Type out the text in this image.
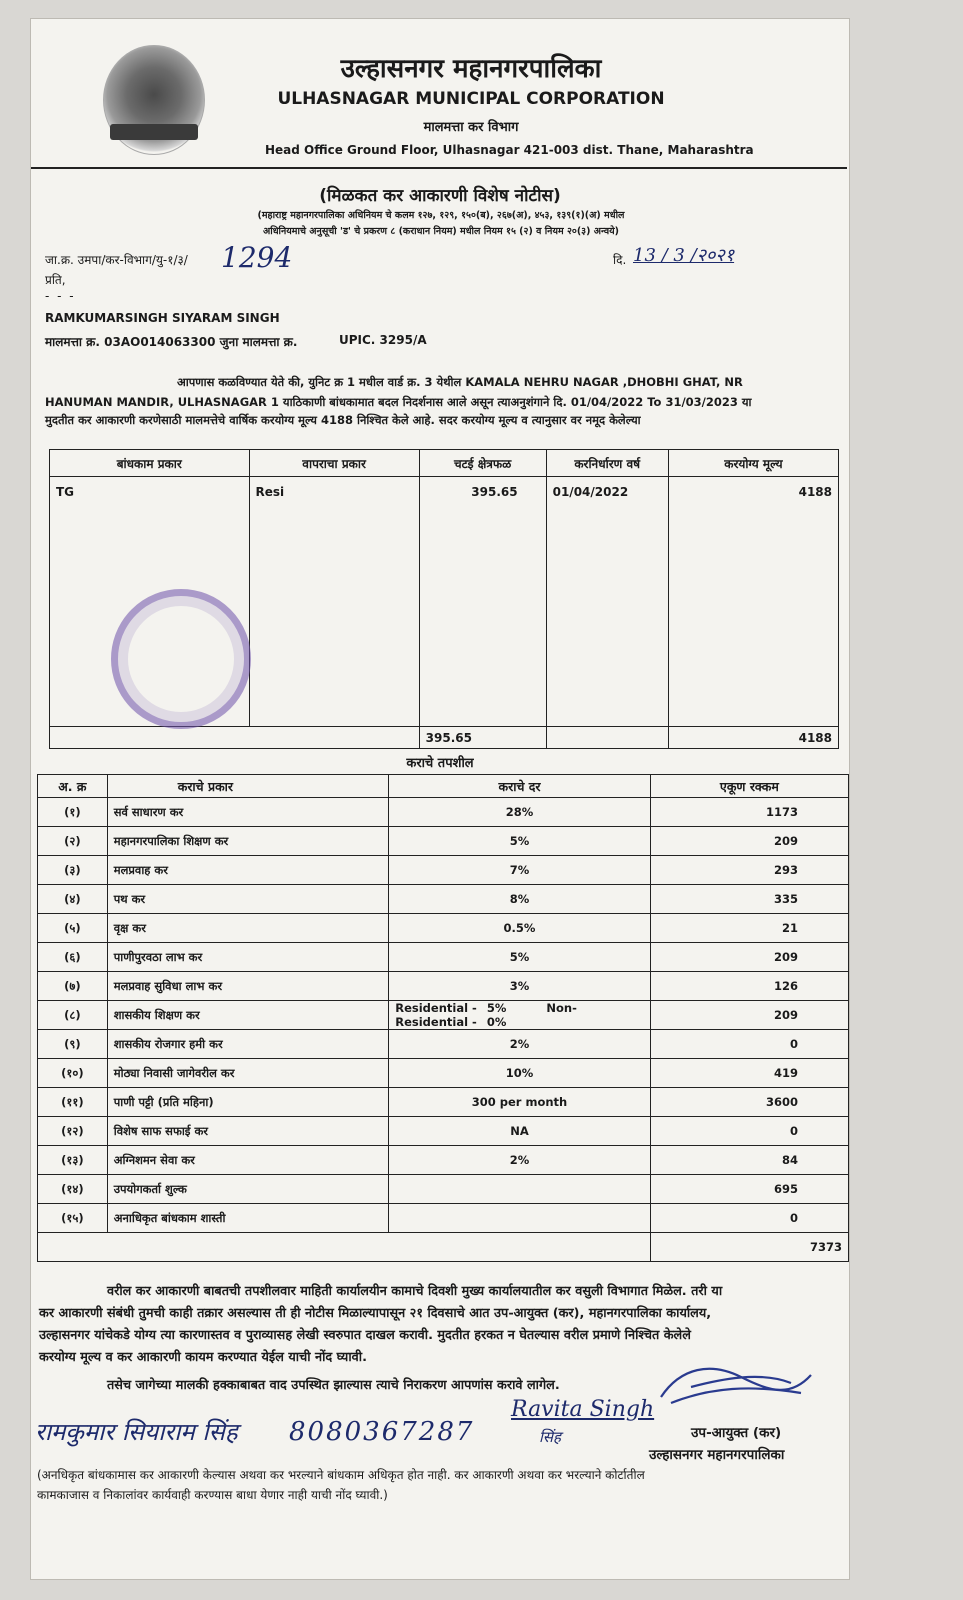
उल्हासनगर महानगरपालिका
ULHASNAGAR MUNICIPAL CORPORATION
मालमत्ता कर विभाग
Head Office Ground Floor, Ulhasnagar 421-003 dist. Thane, Maharashtra
(मिळकत कर आकारणी विशेष नोटीस)
(महाराष्ट्र महानगरपालिका अधिनियम चे कलम १२७, १२९, १५०(ब), २६७(अ), ४५३, १३९(१)(अ) मधील
अधिनियमाचे अनुसूची 'ड' चे प्रकरण ८ (कराधान नियम) मधील नियम १५ (२) व नियम २०(३) अन्वये)
जा.क्र. उमपा/कर-विभाग/यु-१/३/ 1294
प्रति,
- - -
दि. 13 / 3 /२०२१
RAMKUMARSINGH SIYARAM SINGH
मालमत्ता क्र. 03AO014063300 जुना मालमत्ता क्र.	UPIC. 3295/A
आपणास कळविण्यात येते की, युनिट क्र 1 मधील वार्ड क्र. 3 येथील KAMALA NEHRU NAGAR ,DHOBHI GHAT, NR
HANUMAN MANDIR, ULHASNAGAR 1 याठिकाणी बांधकामात बदल निदर्शनास आले असून त्याअनुशंगाने दि. 01/04/2022 To 31/03/2023 या
मुदतीत कर आकारणी करणेसाठी मालमत्तेचे वार्षिक करयोग्य मूल्य 4188 निश्चित केले आहे. सदर करयोग्य मूल्य व त्यानुसार वर नमूद केलेल्या
बांधकाम प्रकार	वापराचा प्रकार	चटई क्षेत्रफळ	करनिर्धारण वर्ष	करयोग्य मूल्य
TG	Resi	395.65	01/04/2022	4188
		395.65		4188
कराचे तपशील
अ. क्र	कराचे प्रकार	कराचे दर	एकूण रक्कम
(१)	सर्व साधारण कर	28%	1173
(२)	महानगरपालिका शिक्षण कर	5%	209
(३)	मलप्रवाह कर	7%	293
(४)	पथ कर	8%	335
(५)	वृक्ष कर	0.5%	21
(६)	पाणीपुरवठा लाभ कर	5%	209
(७)	मलप्रवाह सुविधा लाभ कर	3%	126
(८)	शासकीय शिक्षण कर	Residential - 5% Non-Residential - 0%	209
(९)	शासकीय रोजगार हमी कर	2%	0
(१०)	मोठ्या निवासी जागेवरील कर	10%	419
(११)	पाणी पट्टी (प्रति महिना)	300 per month	3600
(१२)	विशेष साफ सफाई कर	NA	0
(१३)	अग्निशमन सेवा कर	2%	84
(१४)	उपयोगकर्ता शुल्क		695
(१५)	अनाधिकृत बांधकाम शास्ती		0
			7373
वरील कर आकारणी बाबतची तपशीलवार माहिती कार्यालयीन कामाचे दिवशी मुख्य कार्यालयातील कर वसुली विभागात मिळेल. तरी या
कर आकारणी संबंधी तुमची काही तक्रार असल्यास ती ही नोटीस मिळाल्यापासून २१ दिवसाचे आत उप-आयुक्त (कर), महानगरपालिका कार्यालय,
उल्हासनगर यांचेकडे योग्य त्या कारणास्तव व पुराव्यासह लेखी स्वरुपात दाखल करावी. मुदतीत हरकत न घेतल्यास वरील प्रमाणे निश्चित केलेले
करयोग्य मूल्य व कर आकारणी कायम करण्यात येईल याची नोंद घ्यावी.
तसेच जागेच्या मालकी हक्काबाबत वाद उपस्थित झाल्यास त्याचे निराकरण आपणांस करावे लागेल.
रामकुमार सियाराम सिंह 8080367287
Ravita Singh
सिंह	उप-आयुक्त (कर)
उल्हासनगर महानगरपालिका
(अनधिकृत बांधकामास कर आकारणी केल्यास अथवा कर भरल्याने बांधकाम अधिकृत होत नाही. कर आकारणी अथवा कर भरल्याने कोर्टातील
कामकाजास व निकालांवर कार्यवाही करण्यास बाधा येणार नाही याची नोंद घ्यावी.)
